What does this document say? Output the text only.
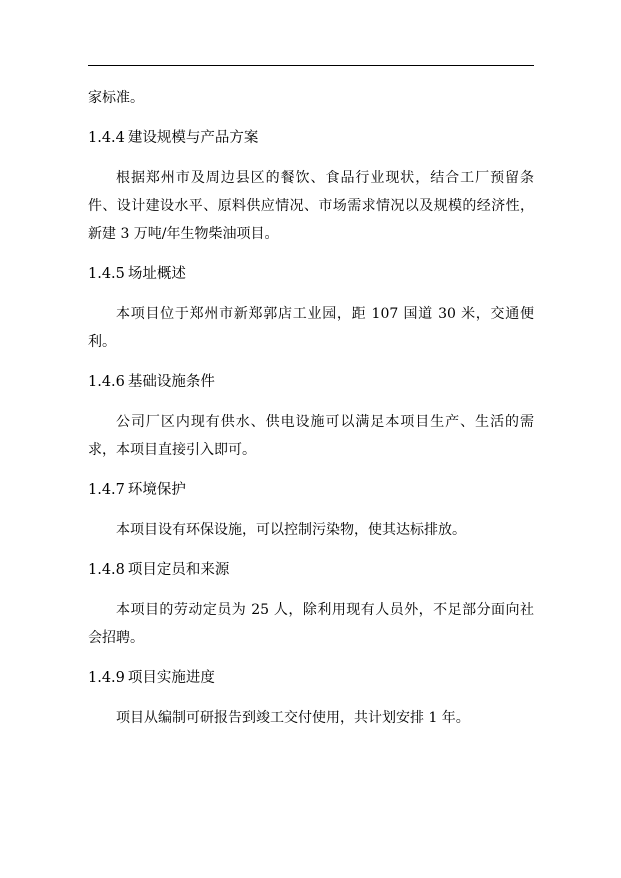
家标准。

1.4.4 建设规模与产品方案

根据郑州市及周边县区的餐饮、食品行业现状，结合工厂预留条件、设计建设水平、原料供应情况、市场需求情况以及规模的经济性，新建 3 万吨/年生物柴油项目。

1.4.5 场址概述

本项目位于郑州市新郑郭店工业园，距 107 国道 30 米，交通便利。

1.4.6 基础设施条件

公司厂区内现有供水、供电设施可以满足本项目生产、生活的需求，本项目直接引入即可。

1.4.7 环境保护

本项目设有环保设施，可以控制污染物，使其达标排放。

1.4.8 项目定员和来源

本项目的劳动定员为 25 人，除利用现有人员外，不足部分面向社会招聘。

1.4.9 项目实施进度

项目从编制可研报告到竣工交付使用，共计划安排 1 年。
